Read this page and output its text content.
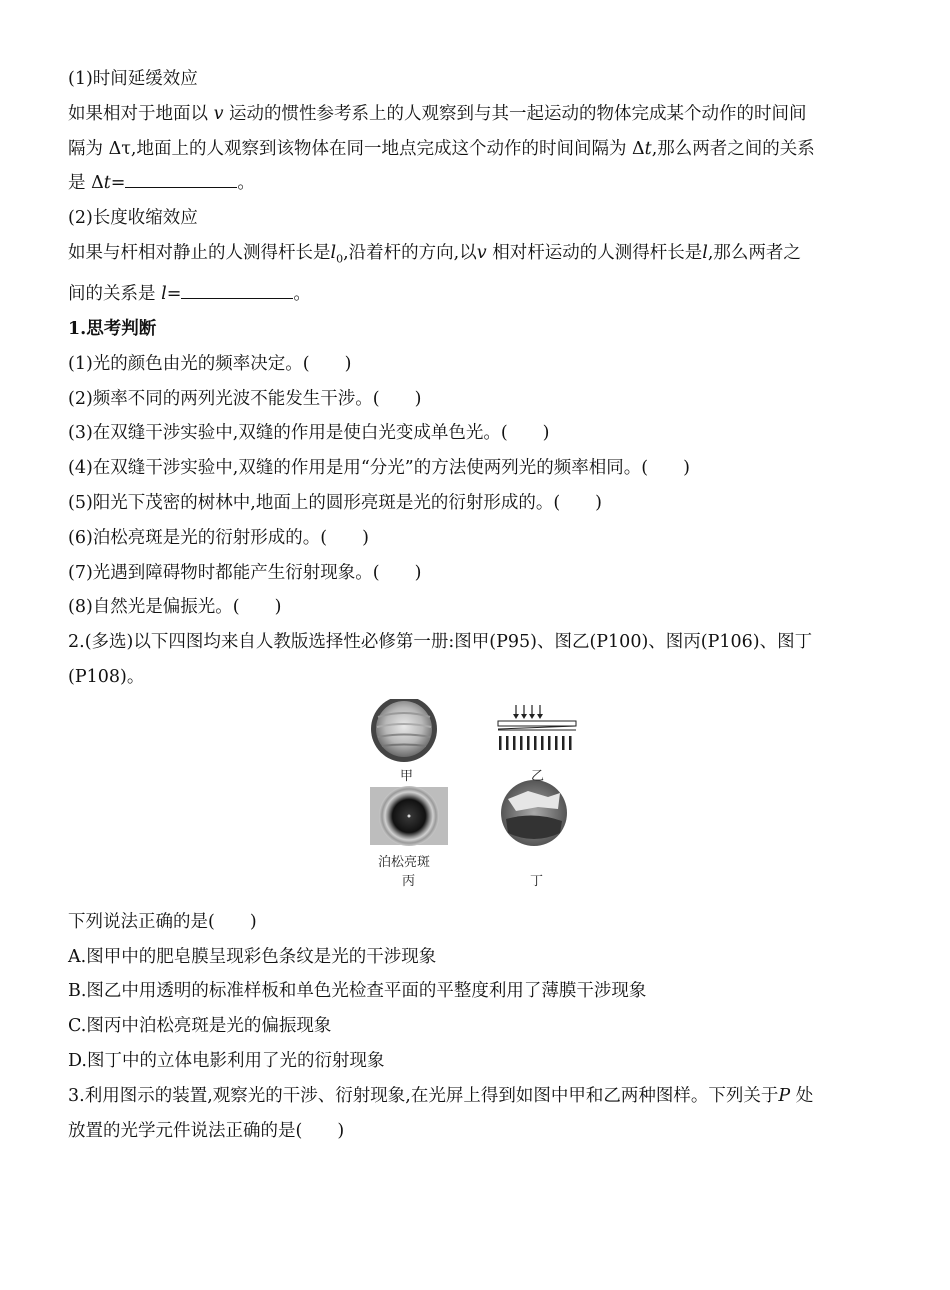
(1)时间延缓效应
如果相对于地面以 v 运动的惯性参考系上的人观察到与其一起运动的物体完成某个动作的时间间
隔为 Δτ,地面上的人观察到该物体在同一地点完成这个动作的时间间隔为 Δt,那么两者之间的关系
是 Δt=	。
(2)长度收缩效应
如果与杆相对静止的人测得杆长是$l_0$,沿着杆的方向,以v 相对杆运动的人测得杆长是l,那么两者之
间的关系是 l=	。
1.思考判断
(1)光的颜色由光的频率决定。(　　)
(2)频率不同的两列光波不能发生干涉。(　　)
(3)在双缝干涉实验中,双缝的作用是使白光变成单色光。(　　)
(4)在双缝干涉实验中,双缝的作用是用“分光”的方法使两列光的频率相同。(　　)
(5)阳光下茂密的树林中,地面上的圆形亮斑是光的衍射形成的。(　　)
(6)泊松亮斑是光的衍射形成的。(　　)
(7)光遇到障碍物时都能产生衍射现象。(　　)
(8)自然光是偏振光。(　　)
2.(多选)以下四图均来自人教版选择性必修第一册:图甲(P95)、图乙(P100)、图丙(P106)、图丁
(P108)。
甲	乙
泊松亮斑
丙	丁
下列说法正确的是(　　)
A.图甲中的肥皂膜呈现彩色条纹是光的干涉现象
B.图乙中用透明的标准样板和单色光检查平面的平整度利用了薄膜干涉现象
C.图丙中泊松亮斑是光的偏振现象
D.图丁中的立体电影利用了光的衍射现象
3.利用图示的装置,观察光的干涉、衍射现象,在光屏上得到如图中甲和乙两种图样。下列关于P 处
放置的光学元件说法正确的是(　　)
